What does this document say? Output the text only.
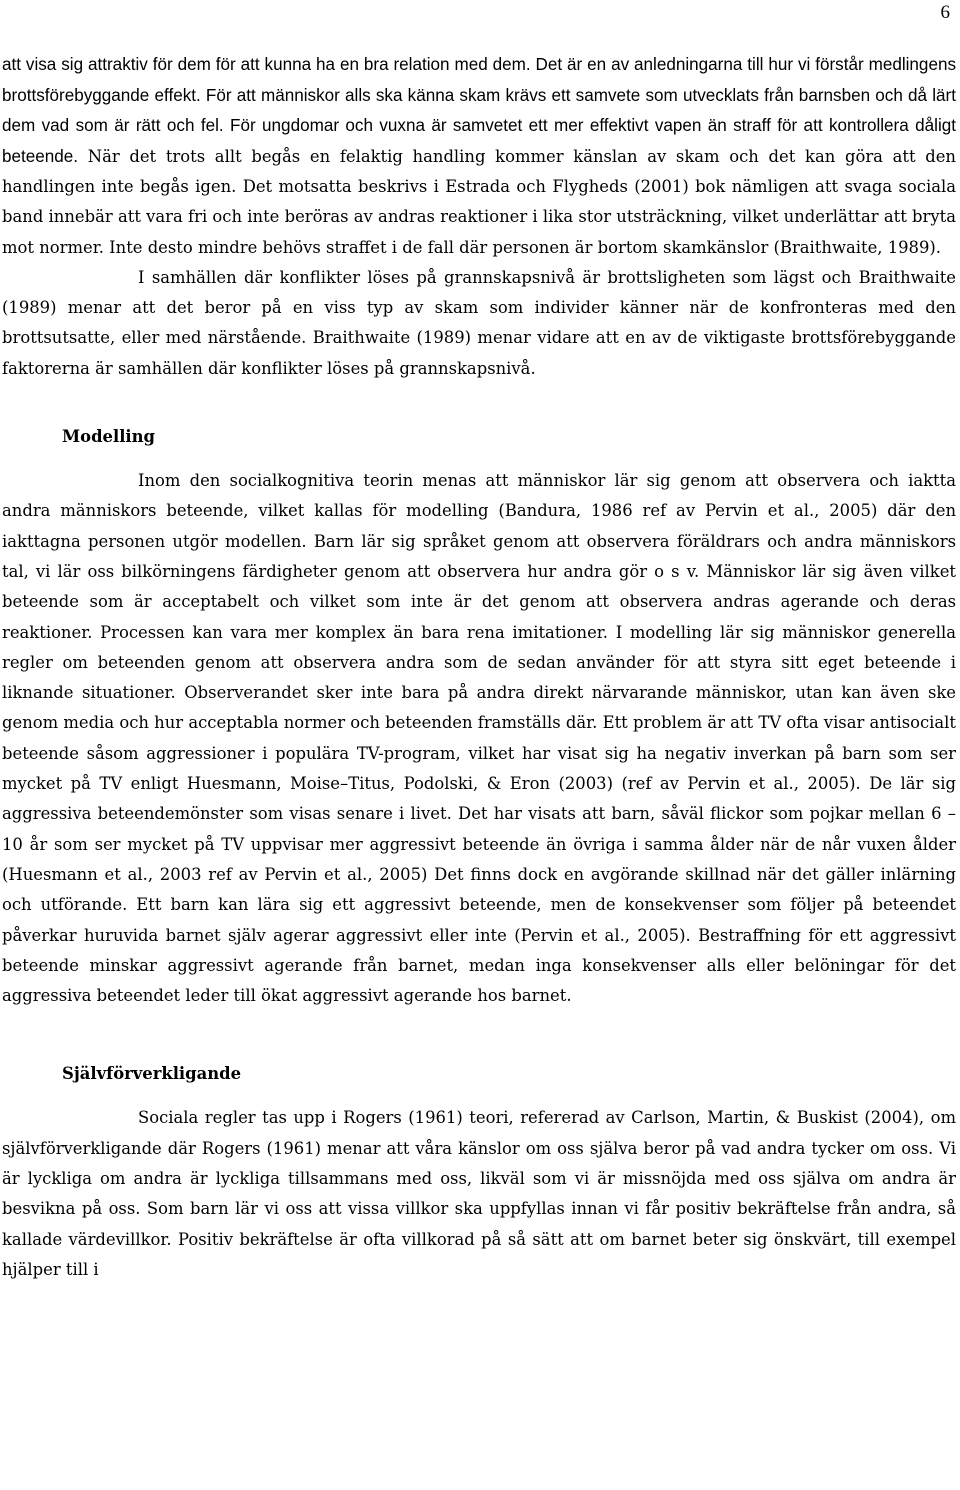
6

att visa sig attraktiv för dem för att kunna ha en bra relation med dem. Det är en av anledningarna till hur vi förstår medlingens brottsförebyggande effekt. För att människor alls ska känna skam krävs ett samvete som utvecklats från barnsben och då lärt dem vad som är rätt och fel. För ungdomar och vuxna är samvetet ett mer effektivt vapen än straff för att kontrollera dåligt beteende. När det trots allt begås en felaktig handling kommer känslan av skam och det kan göra att den handlingen inte begås igen. Det motsatta beskrivs i Estrada och Flygheds (2001) bok nämligen att svaga sociala band innebär att vara fri och inte beröras av andras reaktioner i lika stor utsträckning, vilket underlättar att bryta mot normer. Inte desto mindre behövs straffet i de fall där personen är bortom skamkänslor (Braithwaite, 1989).

I samhällen där konflikter löses på grannskapsnivå är brottsligheten som lägst och Braithwaite (1989) menar att det beror på en viss typ av skam som individer känner när de konfronteras med den brottsutsatte, eller med närstående. Braithwaite (1989) menar vidare att en av de viktigaste brottsförebyggande faktorerna är samhällen där konflikter löses på grannskapsnivå.

Modelling

Inom den socialkognitiva teorin menas att människor lär sig genom att observera och iaktta andra människors beteende, vilket kallas för modelling (Bandura, 1986 ref av Pervin et al., 2005) där den iakttagna personen utgör modellen. Barn lär sig språket genom att observera föräldrars och andra människors tal, vi lär oss bilkörningens färdigheter genom att observera hur andra gör o s v. Människor lär sig även vilket beteende som är acceptabelt och vilket som inte är det genom att observera andras agerande och deras reaktioner. Processen kan vara mer komplex än bara rena imitationer. I modelling lär sig människor generella regler om beteenden genom att observera andra som de sedan använder för att styra sitt eget beteende i liknande situationer. Observerandet sker inte bara på andra direkt närvarande människor, utan kan även ske genom media och hur acceptabla normer och beteenden framställs där. Ett problem är att TV ofta visar antisocialt beteende såsom aggressioner i populära TV-program, vilket har visat sig ha negativ inverkan på barn som ser mycket på TV enligt Huesmann, Moise–Titus, Podolski, & Eron (2003) (ref av Pervin et al., 2005). De lär sig aggressiva beteendemönster som visas senare i livet. Det har visats att barn, såväl flickor som pojkar mellan 6 – 10 år som ser mycket på TV uppvisar mer aggressivt beteende än övriga i samma ålder när de når vuxen ålder (Huesmann et al., 2003 ref av Pervin et al., 2005) Det finns dock en avgörande skillnad när det gäller inlärning och utförande. Ett barn kan lära sig ett aggressivt beteende, men de konsekvenser som följer på beteendet påverkar huruvida barnet själv agerar aggressivt eller inte (Pervin et al., 2005). Bestraffning för ett aggressivt beteende minskar aggressivt agerande från barnet, medan inga konsekvenser alls eller belöningar för det aggressiva beteendet leder till ökat aggressivt agerande hos barnet.

Självförverkligande

Sociala regler tas upp i Rogers (1961) teori, refererad av Carlson, Martin, & Buskist (2004), om självförverkligande där Rogers (1961) menar att våra känslor om oss själva beror på vad andra tycker om oss. Vi är lyckliga om andra är lyckliga tillsammans med oss, likväl som vi är missnöjda med oss själva om andra är besvikna på oss. Som barn lär vi oss att vissa villkor ska uppfyllas innan vi får positiv bekräftelse från andra, så kallade värdevillkor. Positiv bekräftelse är ofta villkorad på så sätt att om barnet beter sig önskvärt, till exempel hjälper till i
